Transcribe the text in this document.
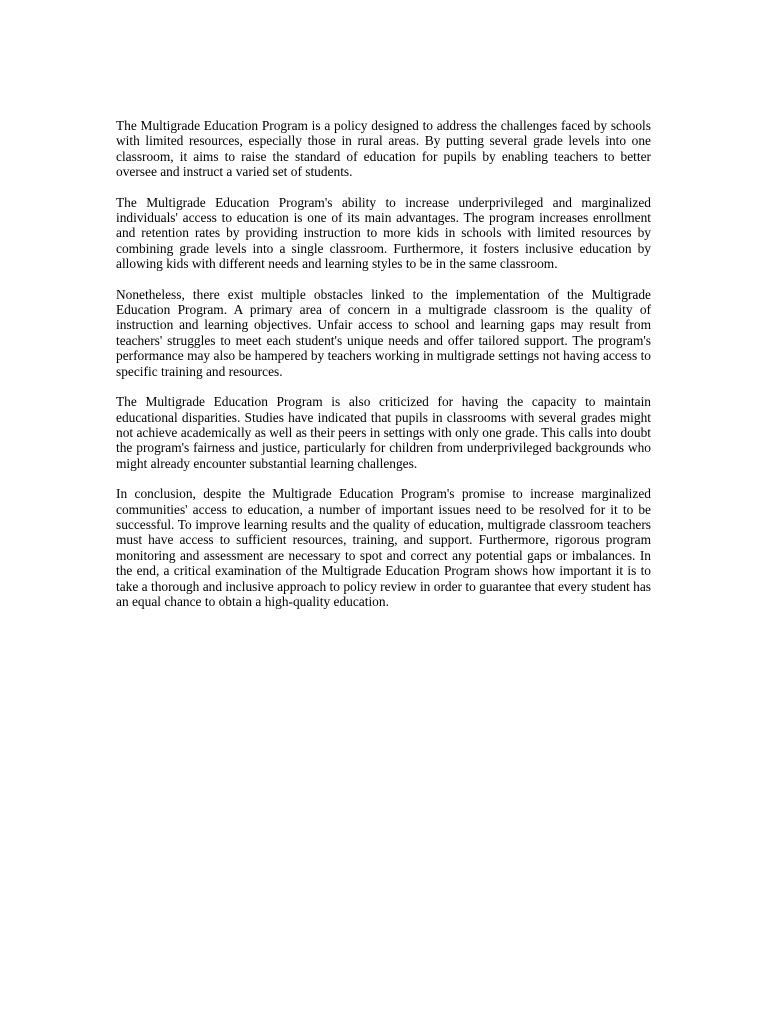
The Multigrade Education Program is a policy designed to address the challenges faced by schools with limited resources, especially those in rural areas. By putting several grade levels into one classroom, it aims to raise the standard of education for pupils by enabling teachers to better oversee and instruct a varied set of students.

The Multigrade Education Program's ability to increase underprivileged and marginalized individuals' access to education is one of its main advantages. The program increases enrollment and retention rates by providing instruction to more kids in schools with limited resources by combining grade levels into a single classroom. Furthermore, it fosters inclusive education by allowing kids with different needs and learning styles to be in the same classroom.

Nonetheless, there exist multiple obstacles linked to the implementation of the Multigrade Education Program. A primary area of concern in a multigrade classroom is the quality of instruction and learning objectives. Unfair access to school and learning gaps may result from teachers' struggles to meet each student's unique needs and offer tailored support. The program's performance may also be hampered by teachers working in multigrade settings not having access to specific training and resources.

The Multigrade Education Program is also criticized for having the capacity to maintain educational disparities. Studies have indicated that pupils in classrooms with several grades might not achieve academically as well as their peers in settings with only one grade. This calls into doubt the program's fairness and justice, particularly for children from underprivileged backgrounds who might already encounter substantial learning challenges.

In conclusion, despite the Multigrade Education Program's promise to increase marginalized communities' access to education, a number of important issues need to be resolved for it to be successful. To improve learning results and the quality of education, multigrade classroom teachers must have access to sufficient resources, training, and support. Furthermore, rigorous program monitoring and assessment are necessary to spot and correct any potential gaps or imbalances. In the end, a critical examination of the Multigrade Education Program shows how important it is to take a thorough and inclusive approach to policy review in order to guarantee that every student has an equal chance to obtain a high-quality education.
